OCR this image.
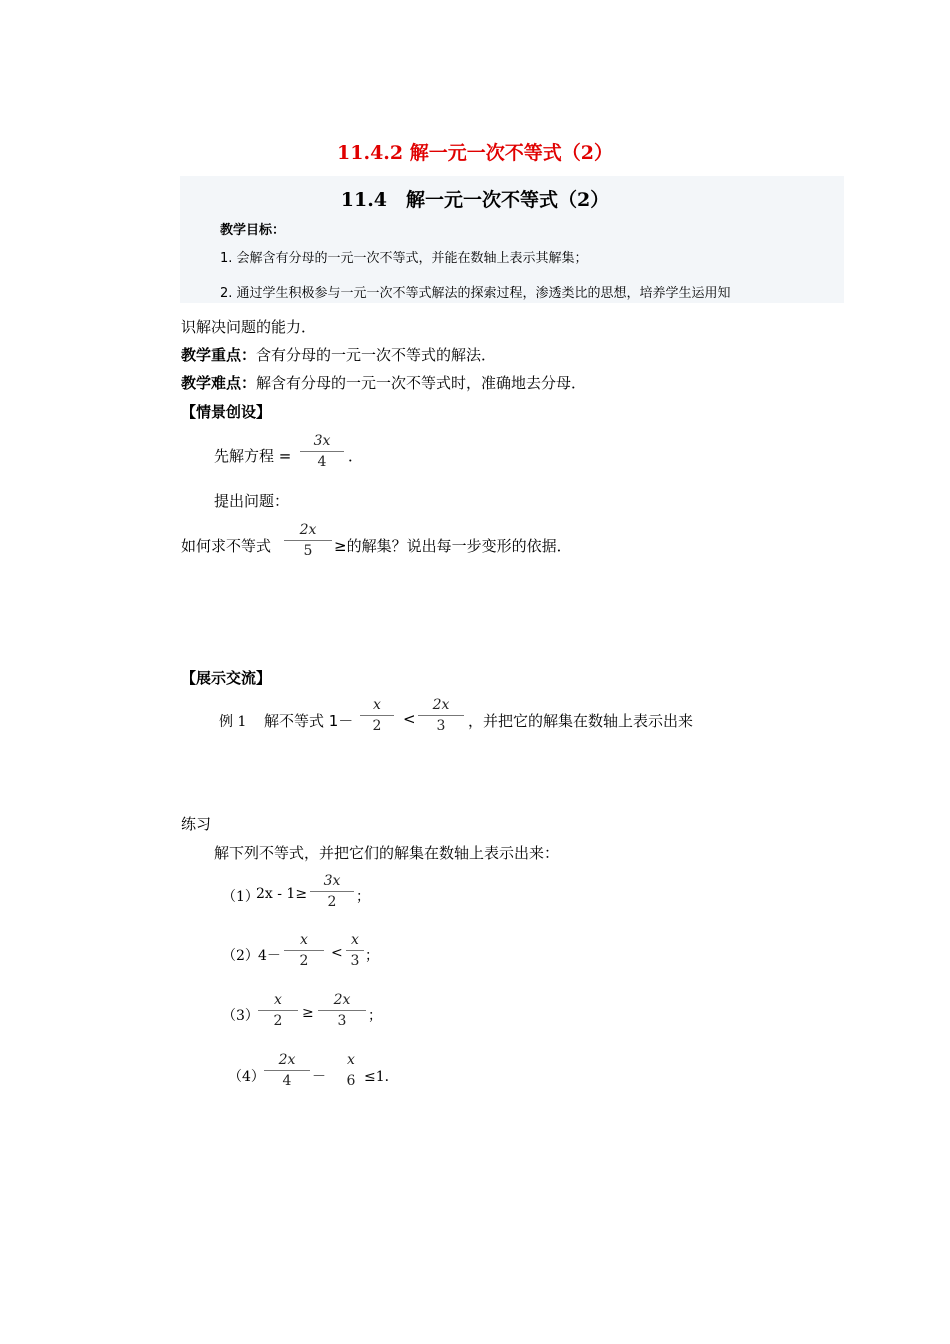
11.4.2 解一元一次不等式（2）
11.4　解一元一次不等式（2）
教学目标：
1. 会解含有分母的一元一次不等式，并能在数轴上表示其解集；
2. 通过学生积极参与一元一次不等式解法的探索过程，渗透类比的思想，培养学生运用知
识解决问题的能力．
教学重点：含有分母的一元一次不等式的解法．
教学难点：解含有分母的一元一次不等式时，准确地去分母．
【情景创设】
先解方程 =
3x
4	．
提出问题：
如何求不等式
2x
5	≥的解集？说出每一步变形的依据．
【展示交流】
例 1 解不等式 1－
x
2	<
2x
3	，并把它的解集在数轴上表示出来
练习
解下列不等式，并把它们的解集在数轴上表示出来：
（1）
2x - 1≥
3x
2	；
（2） 4－
x
2	<
x
3 ；
（3）
x
2	≥
2x
3	；
（4）
2x
4	－
x
6 ≤1．
